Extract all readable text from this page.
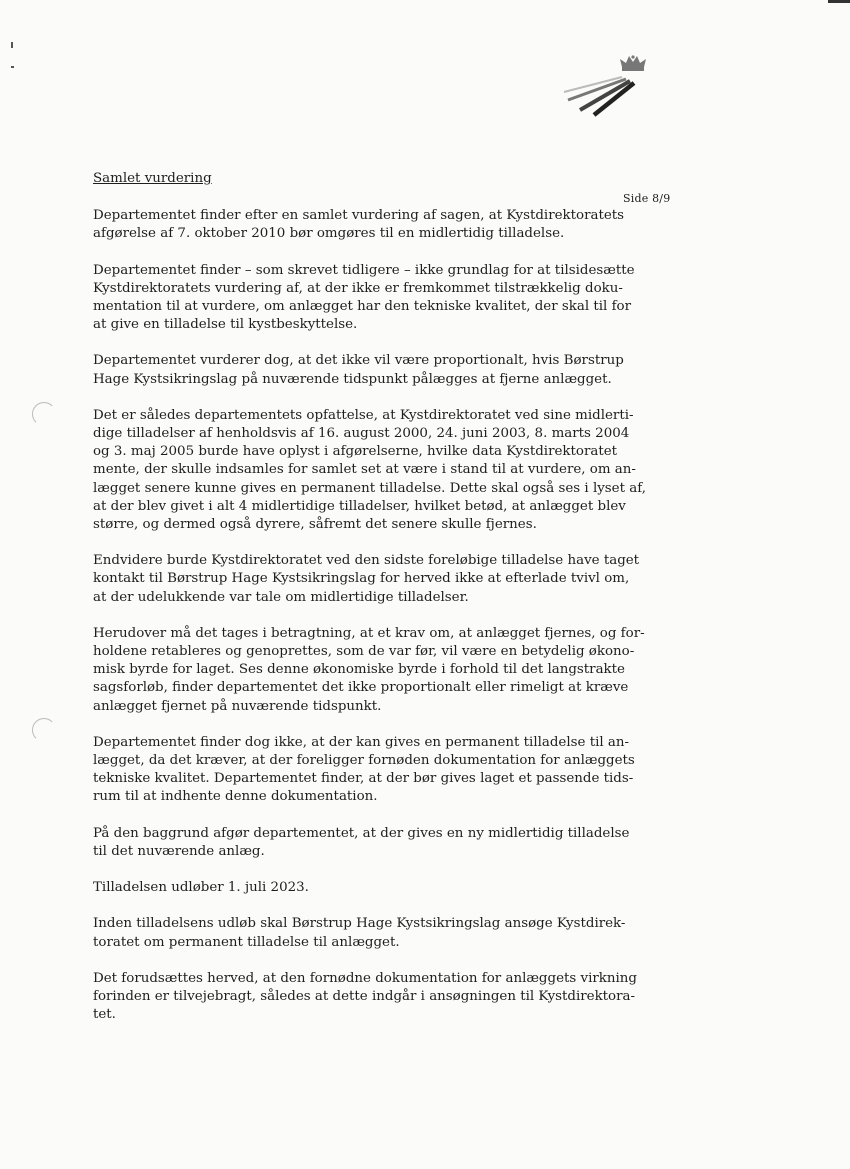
Side 8/9
Samlet vurdering

Departementet finder efter en samlet vurdering af sagen, at Kystdirektoratets
afgørelse af 7. oktober 2010 bør omgøres til en midlertidig tilladelse.

Departementet finder – som skrevet tidligere – ikke grundlag for at tilsidesætte
Kystdirektoratets vurdering af, at der ikke er fremkommet tilstrækkelig doku-
mentation til at vurdere, om anlægget har den tekniske kvalitet, der skal til for
at give en tilladelse til kystbeskyttelse.

Departementet vurderer dog, at det ikke vil være proportionalt, hvis Børstrup
Hage Kystsikringslag på nuværende tidspunkt pålægges at fjerne anlægget.

Det er således departementets opfattelse, at Kystdirektoratet ved sine midlerti-
dige tilladelser af henholdsvis af 16. august 2000, 24. juni 2003, 8. marts 2004
og 3. maj 2005 burde have oplyst i afgørelserne, hvilke data Kystdirektoratet
mente, der skulle indsamles for samlet set at være i stand til at vurdere, om an-
lægget senere kunne gives en permanent tilladelse. Dette skal også ses i lyset af,
at der blev givet i alt 4 midlertidige tilladelser, hvilket betød, at anlægget blev
større, og dermed også dyrere, såfremt det senere skulle fjernes.

Endvidere burde Kystdirektoratet ved den sidste foreløbige tilladelse have taget
kontakt til Børstrup Hage Kystsikringslag for herved ikke at efterlade tvivl om,
at der udelukkende var tale om midlertidige tilladelser.

Herudover må det tages i betragtning, at et krav om, at anlægget fjernes, og for-
holdene retableres og genoprettes, som de var før, vil være en betydelig økono-
misk byrde for laget. Ses denne økonomiske byrde i forhold til det langstrakte
sagsforløb, finder departementet det ikke proportionalt eller rimeligt at kræve
anlægget fjernet på nuværende tidspunkt.

Departementet finder dog ikke, at der kan gives en permanent tilladelse til an-
lægget, da det kræver, at der foreligger fornøden dokumentation for anlæggets
tekniske kvalitet. Departementet finder, at der bør gives laget et passende tids-
rum til at indhente denne dokumentation.

På den baggrund afgør departementet, at der gives en ny midlertidig tilladelse
til det nuværende anlæg.

Tilladelsen udløber 1. juli 2023.

Inden tilladelsens udløb skal Børstrup Hage Kystsikringslag ansøge Kystdirek-
toratet om permanent tilladelse til anlægget.

Det forudsættes herved, at den fornødne dokumentation for anlæggets virkning
forinden er tilvejebragt, således at dette indgår i ansøgningen til Kystdirektora-
tet.
